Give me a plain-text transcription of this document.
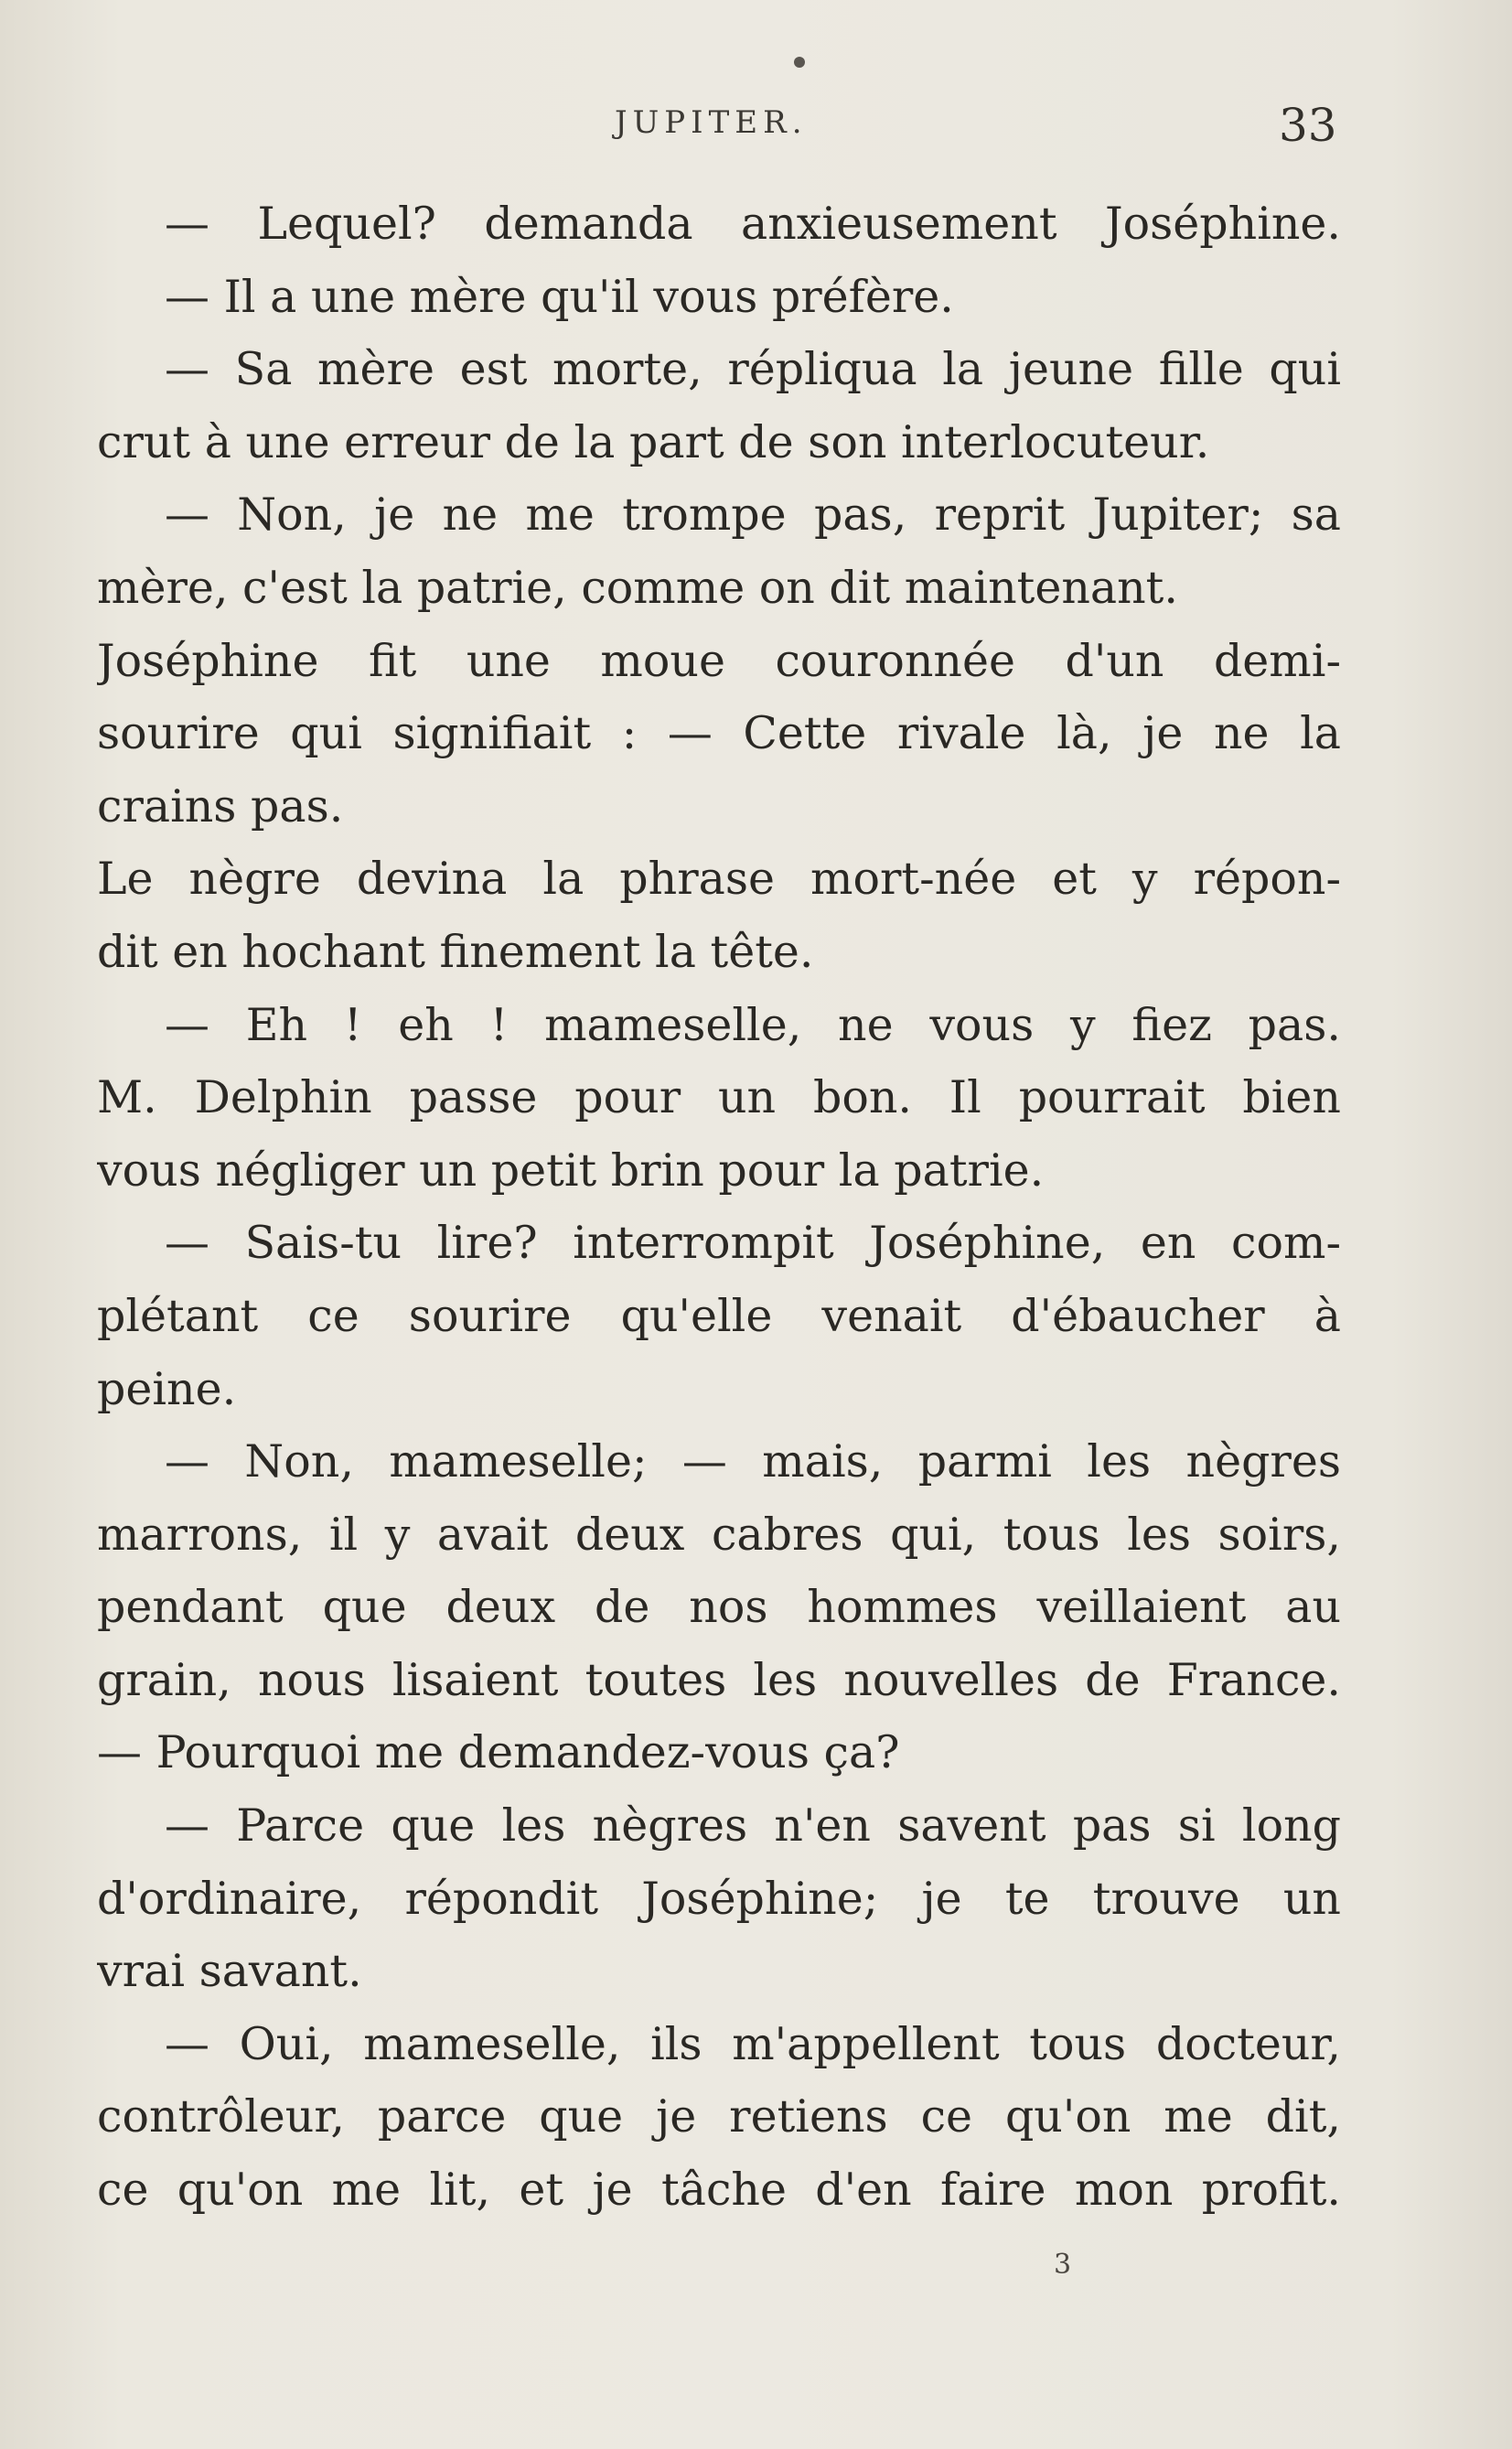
JUPITER.	33
— Lequel? demanda anxieusement Joséphine.
— Il a une mère qu'il vous préfère.
— Sa mère est morte, répliqua la jeune fille qui
crut à une erreur de la part de son interlocuteur.
— Non, je ne me trompe pas, reprit Jupiter; sa
mère, c'est la patrie, comme on dit maintenant.
Joséphine fit une moue couronnée d'un demi-
sourire qui signifiait : — Cette rivale là, je ne la
crains pas.
Le nègre devina la phrase mort-née et y répon-
dit en hochant finement la tête.
— Eh ! eh ! mameselle, ne vous y fiez pas.
M. Delphin passe pour un bon. Il pourrait bien
vous négliger un petit brin pour la patrie.
— Sais-tu lire? interrompit Joséphine, en com-
plétant ce sourire qu'elle venait d'ébaucher à
peine.
— Non, mameselle; — mais, parmi les nègres
marrons, il y avait deux cabres qui, tous les soirs,
pendant que deux de nos hommes veillaient au
grain, nous lisaient toutes les nouvelles de France.
— Pourquoi me demandez-vous ça?
— Parce que les nègres n'en savent pas si long
d'ordinaire, répondit Joséphine; je te trouve un
vrai savant.
— Oui, mameselle, ils m'appellent tous docteur,
contrôleur, parce que je retiens ce qu'on me dit,
ce qu'on me lit, et je tâche d'en faire mon profit.
3
